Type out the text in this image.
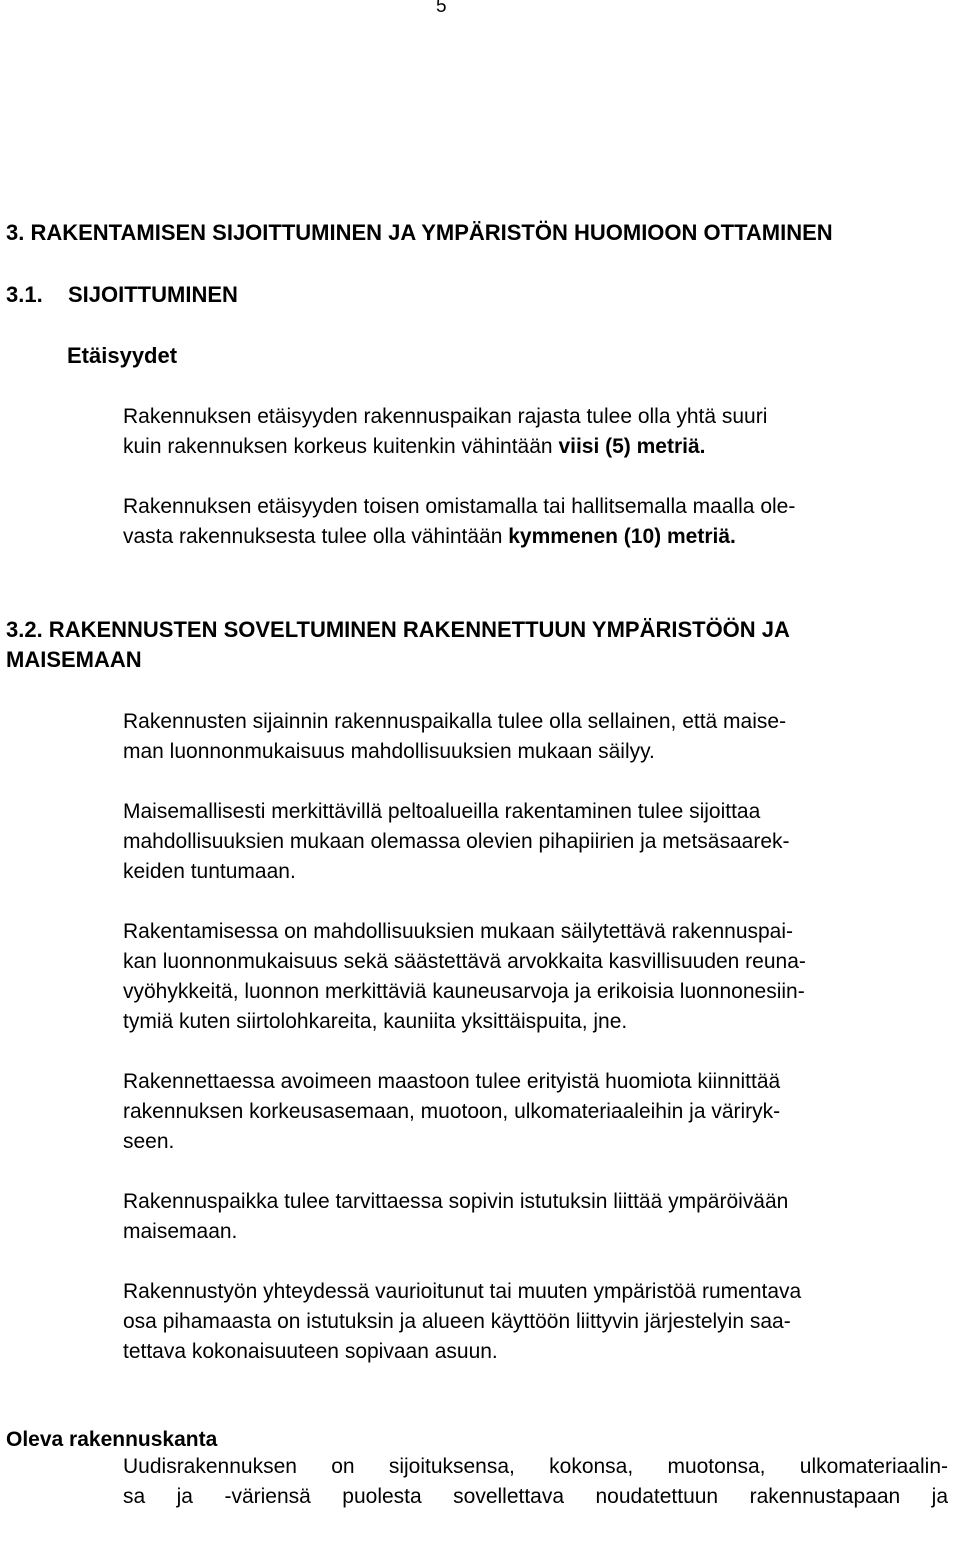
5
3. RAKENTAMISEN SIJOITTUMINEN JA YMPÄRISTÖN HUOMIOON OTTAMINEN
3.1. SIJOITTUMINEN
Etäisyydet

Rakennuksen etäisyyden rakennuspaikan rajasta tulee olla yhtä suuri
kuin rakennuksen korkeus kuitenkin vähintään viisi (5) metriä.

Rakennuksen etäisyyden toisen omistamalla tai hallitsemalla maalla ole-
vasta rakennuksesta tulee olla vähintään kymmenen (10) metriä.

3.2. RAKENNUSTEN SOVELTUMINEN RAKENNETTUUN YMPÄRISTÖÖN JA
MAISEMAAN

Rakennusten sijainnin rakennuspaikalla tulee olla sellainen, että maise-
man luonnonmukaisuus mahdollisuuksien mukaan säilyy.

Maisemallisesti merkittävillä peltoalueilla rakentaminen tulee sijoittaa
mahdollisuuksien mukaan olemassa olevien pihapiirien ja metsäsaarek-
keiden tuntumaan.

Rakentamisessa on mahdollisuuksien mukaan säilytettävä rakennuspai-
kan luonnonmukaisuus sekä säästettävä arvokkaita kasvillisuuden reuna-
vyöhykkeitä, luonnon merkittäviä kauneusarvoja ja erikoisia luonnonesiin-
tymiä kuten siirtolohkareita, kauniita yksittäispuita, jne.

Rakennettaessa avoimeen maastoon tulee erityistä huomiota kiinnittää
rakennuksen korkeusasemaan, muotoon, ulkomateriaaleihin ja väriryk-
seen.

Rakennuspaikka tulee tarvittaessa sopivin istutuksin liittää ympäröivään
maisemaan.

Rakennustyön yhteydessä vaurioitunut tai muuten ympäristöä rumentava
osa pihamaasta on istutuksin ja alueen käyttöön liittyvin järjestelyin saa-
tettava kokonaisuuteen sopivaan asuun.

Oleva rakennuskanta

Uudisrakennuksen on sijoituksensa, kokonsa, muotonsa, ulkomateriaalin-
sa ja -väriensä puolesta sovellettava noudatettuun rakennustapaan ja
